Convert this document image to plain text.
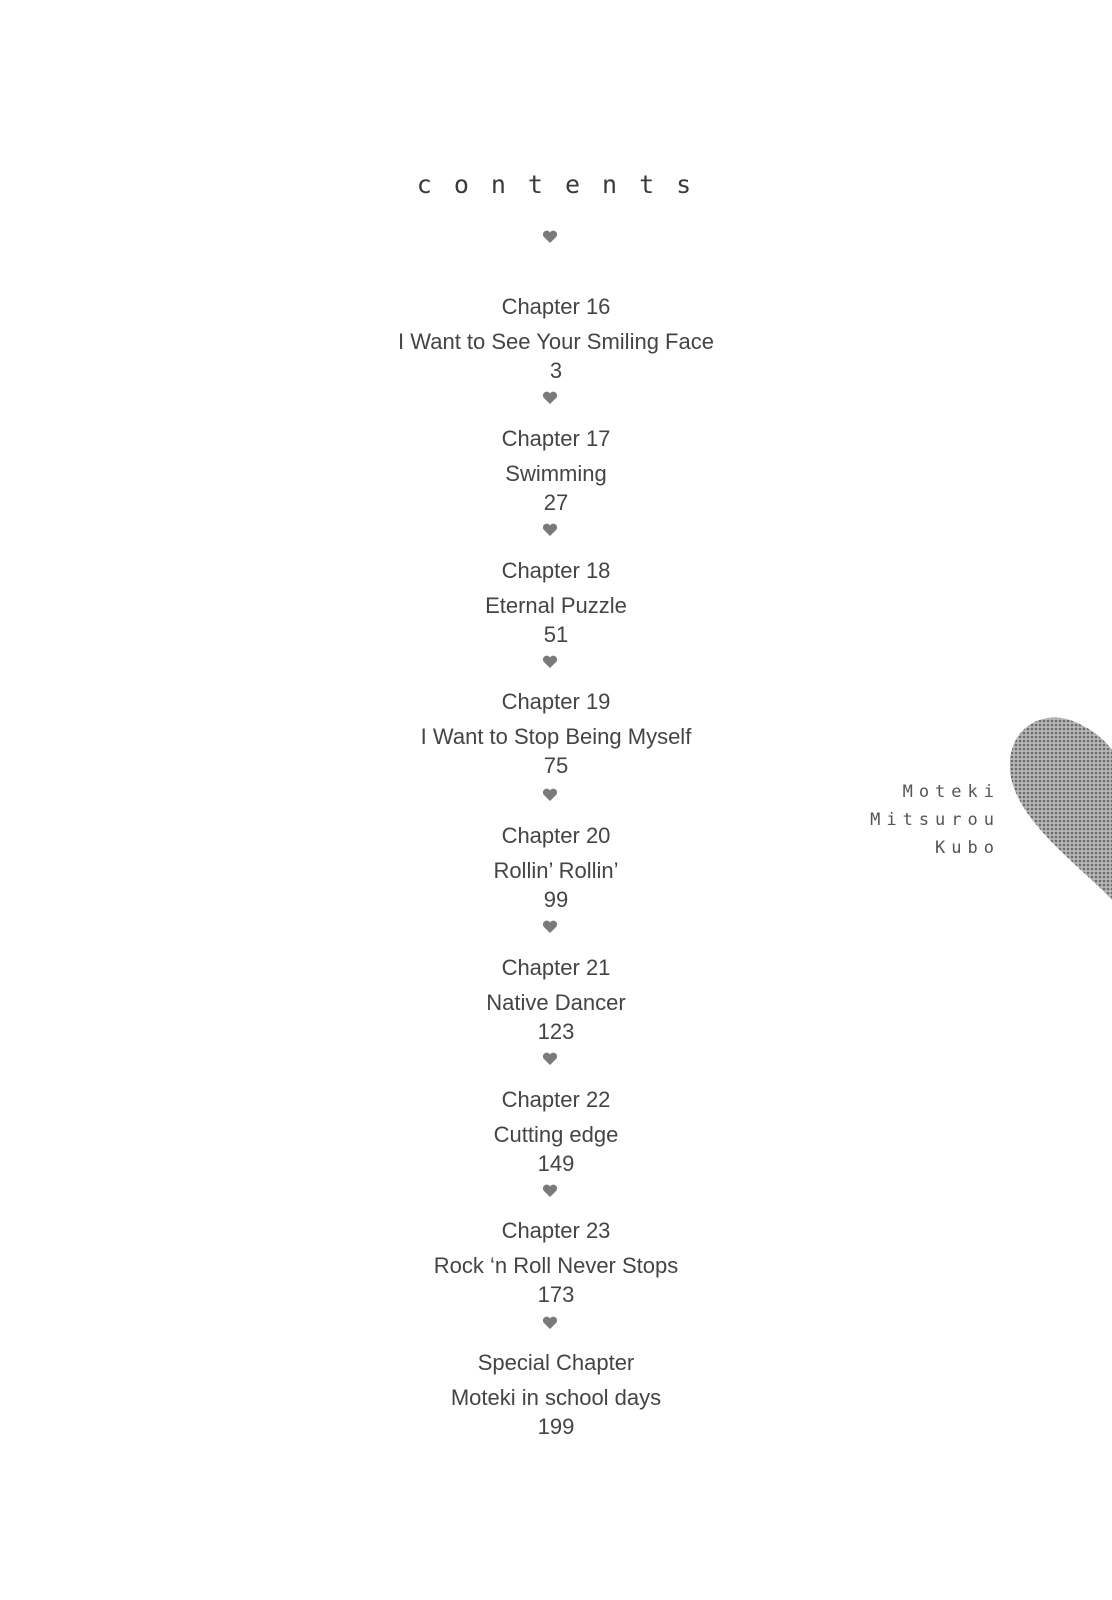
contents
Chapter 16
I Want to See Your Smiling Face
3
Chapter 17
Swimming
27
Chapter 18
Eternal Puzzle
51
Chapter 19
I Want to Stop Being Myself
75
Chapter 20
Rollin’ Rollin’
99
Chapter 21
Native Dancer
123
Chapter 22
Cutting edge
149
Chapter 23
Rock ‘n Roll Never Stops
173
Special Chapter
Moteki in school days
199
Moteki
Mitsurou
Kubo
